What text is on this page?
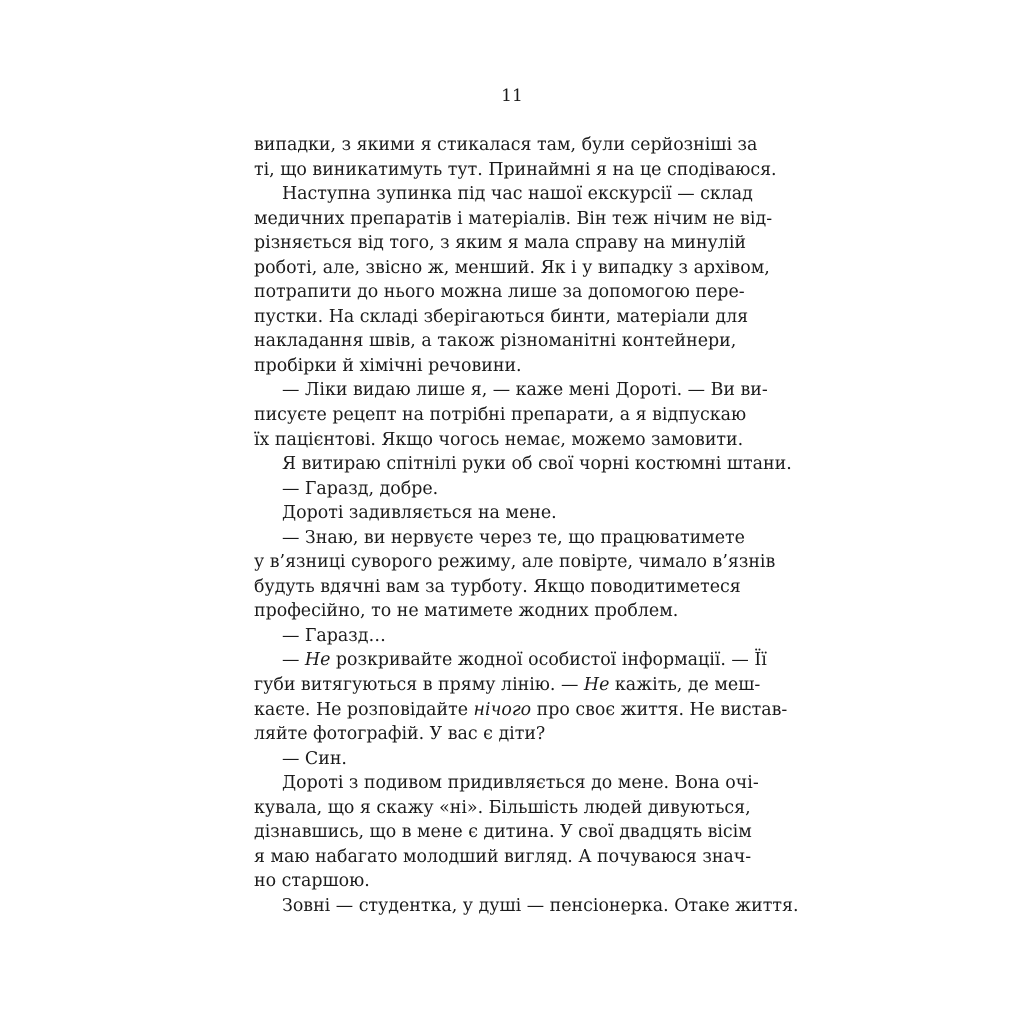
11
випадки, з якими я стикалася там, були серйозніші за
ті, що виникатимуть тут. Принаймні я на це сподіваюся.
Наступна зупинка під час нашої екскурсії — склад
медичних препаратів і матеріалів. Він теж нічим не від-
різняється від того, з яким я мала справу на минулій
роботі, але, звісно ж, менший. Як і у випадку з архівом,
потрапити до нього можна лише за допомогою пере-
пустки. На складі зберігаються бинти, матеріали для
накладання швів, а також різноманітні контейнери,
пробірки й хімічні речовини.
— Ліки видаю лише я, — каже мені Дороті. — Ви ви-
писуєте рецепт на потрібні препарати, а я відпускаю
їх пацієнтові. Якщо чогось немає, можемо замовити.
Я витираю спітнілі руки об свої чорні костюмні штани.
— Гаразд, добре.
Дороті задивляється на мене.
— Знаю, ви нервуєте через те, що працюватимете
у в’язниці суворого режиму, але повірте, чимало в’язнів
будуть вдячні вам за турботу. Якщо поводитиметеся
професійно, то не матимете жодних проблем.
— Гаразд…
— Не розкривайте жодної особистої інформації. — Її
губи витягуються в пряму лінію. — Не кажіть, де меш-
каєте. Не розповідайте нічого про своє життя. Не вистав-
ляйте фотографій. У вас є діти?
— Син.
Дороті з подивом придивляється до мене. Вона очі-
кувала, що я скажу «ні». Більшість людей дивуються,
дізнавшись, що в мене є дитина. У свої двадцять вісім
я маю набагато молодший вигляд. А почуваюся знач-
но старшою.
Зовні — студентка, у душі — пенсіонерка. Отаке життя.
